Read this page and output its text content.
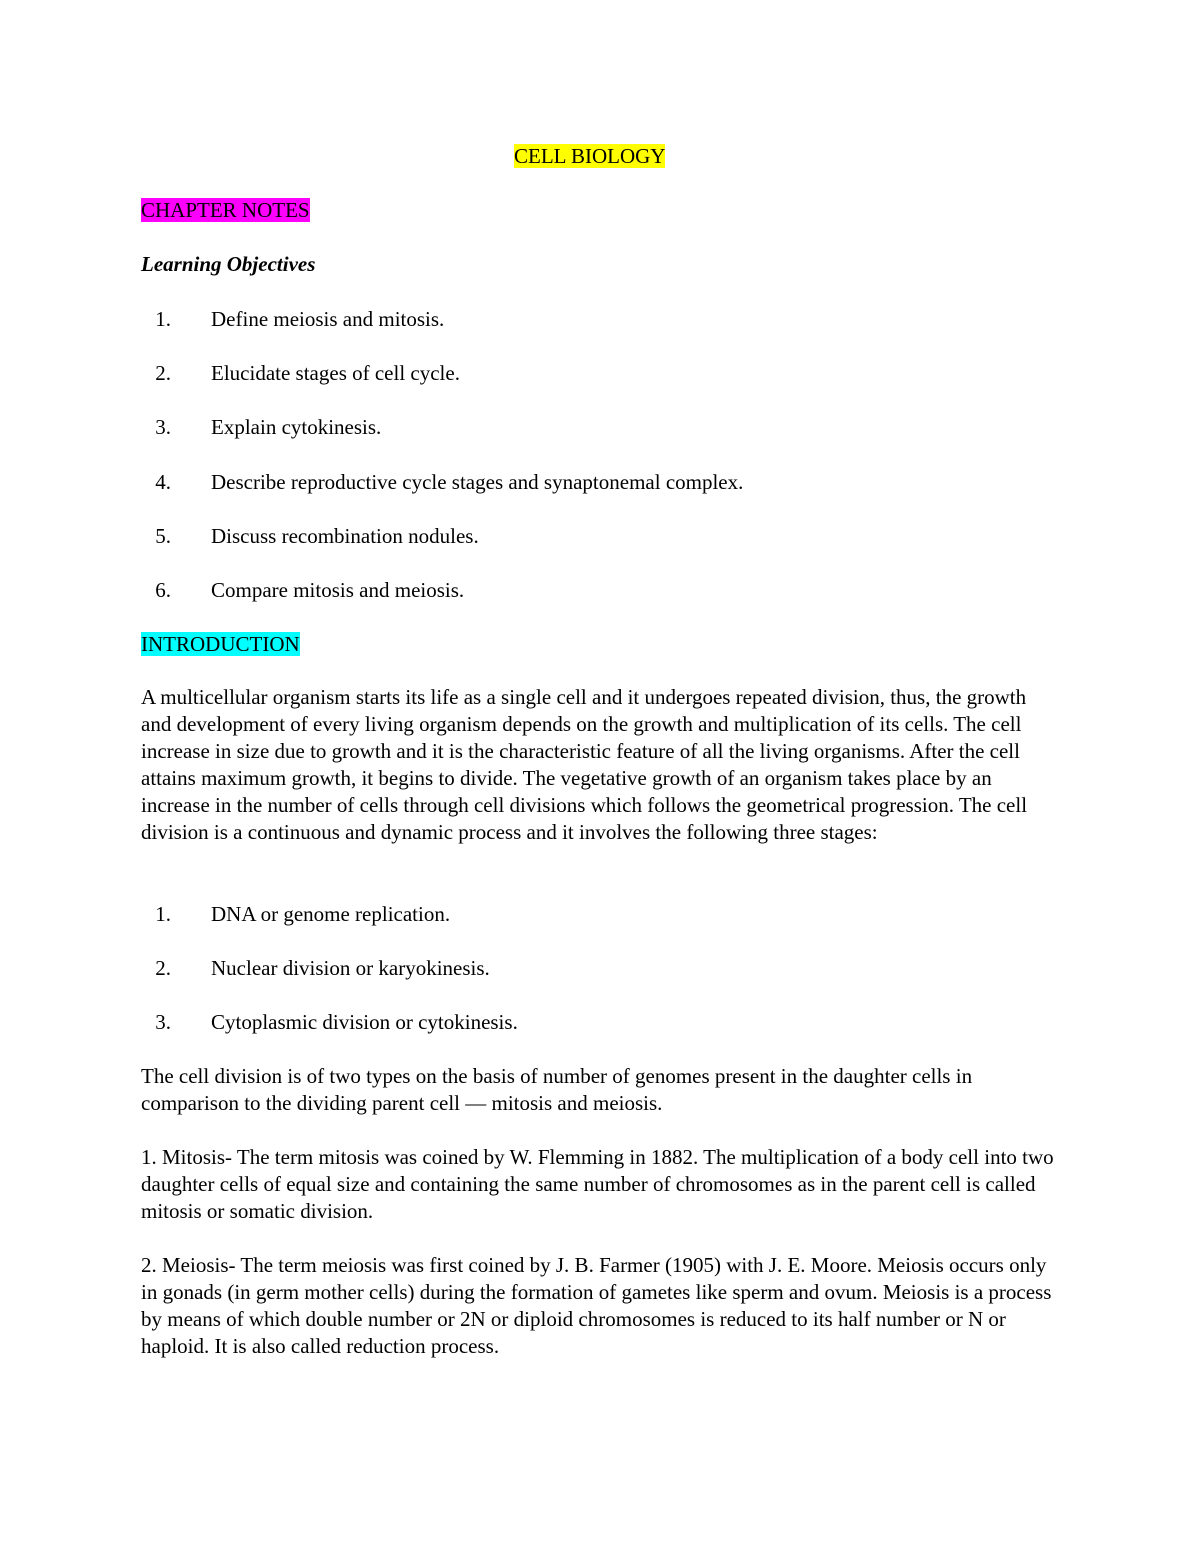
CELL BIOLOGY
CHAPTER NOTES
Learning Objectives
1. Define meiosis and mitosis.
2. Elucidate stages of cell cycle.
3. Explain cytokinesis.
4. Describe reproductive cycle stages and synaptonemal complex.
5. Discuss recombination nodules.
6. Compare mitosis and meiosis.
INTRODUCTION
A multicellular organism starts its life as a single cell and it undergoes repeated division, thus, the growth and development of every living organism depends on the growth and multiplication of its cells. The cell increase in size due to growth and it is the characteristic feature of all the living organisms. After the cell attains maximum growth, it begins to divide. The vegetative growth of an organism takes place by an increase in the number of cells through cell divisions which follows the geometrical progression. The cell division is a continuous and dynamic process and it involves the following three stages:
1. DNA or genome replication.
2. Nuclear division or karyokinesis.
3. Cytoplasmic division or cytokinesis.
The cell division is of two types on the basis of number of genomes present in the daughter cells in comparison to the dividing parent cell — mitosis and meiosis.
1. Mitosis- The term mitosis was coined by W. Flemming in 1882. The multiplication of a body cell into two daughter cells of equal size and containing the same number of chromosomes as in the parent cell is called mitosis or somatic division.
2. Meiosis- The term meiosis was first coined by J. B. Farmer (1905) with J. E. Moore. Meiosis occurs only in gonads (in germ mother cells) during the formation of gametes like sperm and ovum. Meiosis is a process by means of which double number or 2N or diploid chromosomes is reduced to its half number or N or haploid. It is also called reduction process.
